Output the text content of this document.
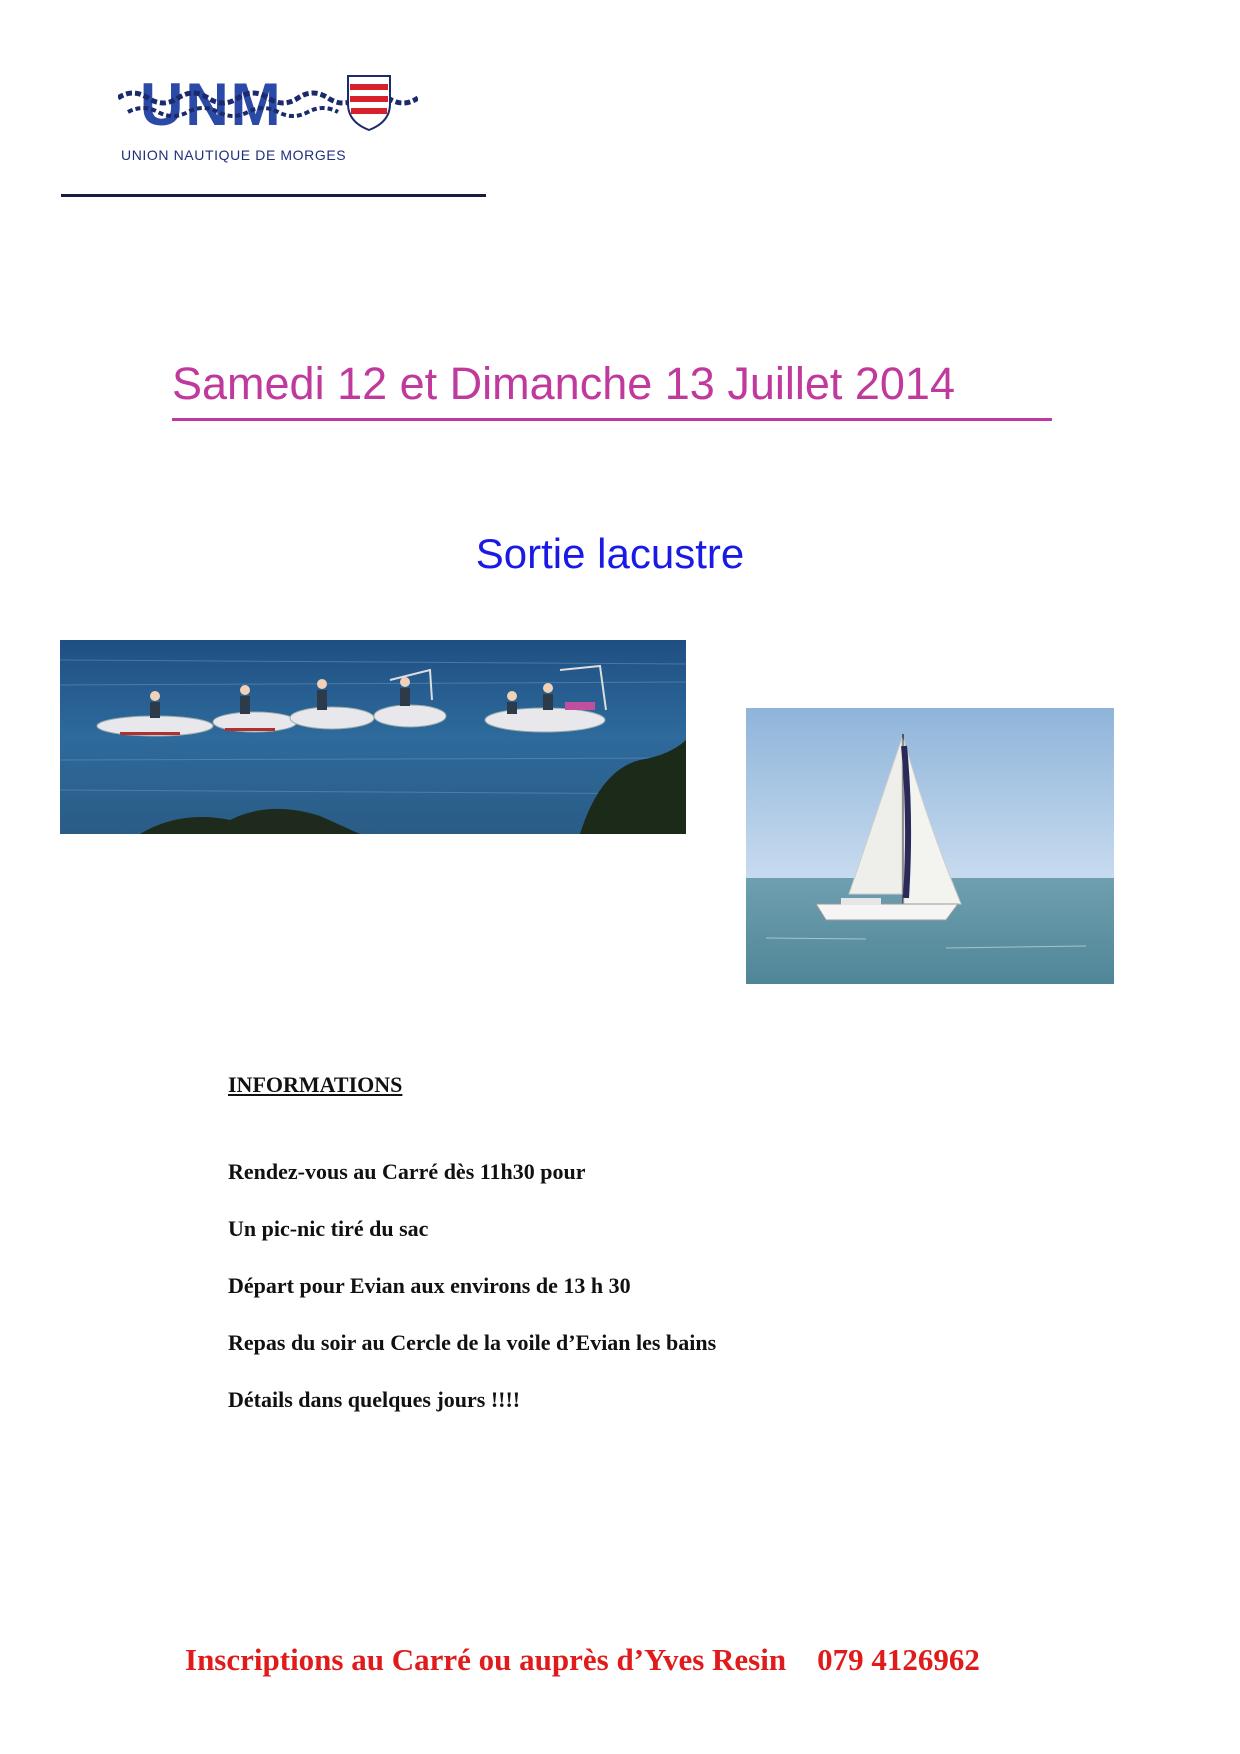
UNM
UNION NAUTIQUE DE MORGES
Samedi 12 et Dimanche 13 Juillet 2014
Sortie lacustre
INFORMATIONS
Rendez-vous au Carré dès 11h30 pour
Un pic-nic tiré du sac
Départ pour Evian aux environs de 13 h 30
Repas du soir au Cercle de la voile d’Evian les bains
Détails dans quelques jours !!!!
Inscriptions au Carré ou auprès d’Yves Resin 079 4126962
